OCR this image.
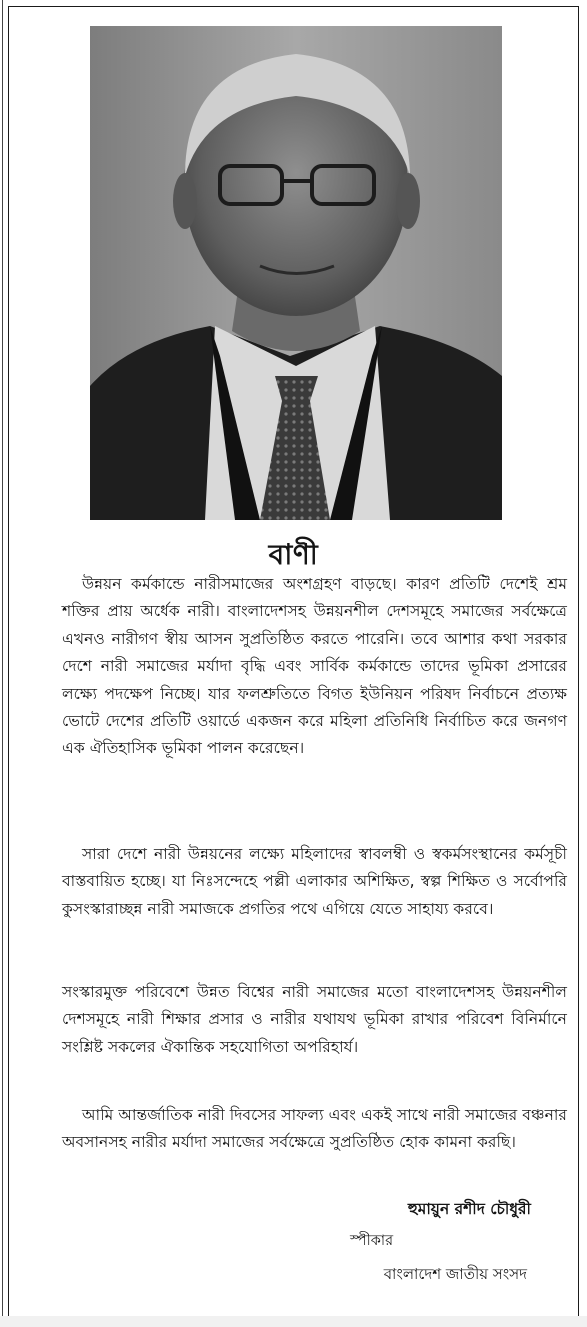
বাণী

উন্নয়ন কর্মকান্ডে নারীসমাজের অংশগ্রহণ বাড়ছে। কারণ প্রতিটি দেশেই শ্রম শক্তির প্রায় অর্ধেক নারী। বাংলাদেশসহ উন্নয়নশীল দেশসমূহে সমাজের সর্বক্ষেত্রে এখনও নারীগণ স্বীয় আসন সুপ্রতিষ্ঠিত করতে পারেনি। তবে আশার কথা সরকার দেশে নারী সমাজের মর্যাদা বৃদ্ধি এবং সার্বিক কর্মকান্ডে তাদের ভূমিকা প্রসারের লক্ষ্যে পদক্ষেপ নিচ্ছে। যার ফলশ্রুতিতে বিগত ইউনিয়ন পরিষদ নির্বাচনে প্রত্যক্ষ ভোটে দেশের প্রতিটি ওয়ার্ডে একজন করে মহিলা প্রতিনিধি নির্বাচিত করে জনগণ এক ঐতিহাসিক ভূমিকা পালন করেছেন।

সারা দেশে নারী উন্নয়নের লক্ষ্যে মহিলাদের স্বাবলম্বী ও স্বকর্মসংস্থানের কর্মসূচী বাস্তবায়িত হচ্ছে। যা নিঃসন্দেহে পল্লী এলাকার অশিক্ষিত, স্বল্প শিক্ষিত ও সর্বোপরি কুসংস্কারাচ্ছন্ন নারী সমাজকে প্রগতির পথে এগিয়ে যেতে সাহায্য করবে।

সংস্কারমুক্ত পরিবেশে উন্নত বিশ্বের নারী সমাজের মতো বাংলাদেশসহ উন্নয়নশীল দেশসমূহে নারী শিক্ষার প্রসার ও নারীর যথাযথ ভূমিকা রাখার পরিবেশ বিনির্মানে সংশ্লিষ্ট সকলের ঐকান্তিক সহযোগিতা অপরিহার্য।

আমি আন্তর্জাতিক নারী দিবসের সাফল্য এবং একই সাথে নারী সমাজের বঞ্চনার অবসানসহ নারীর মর্যাদা সমাজের সর্বক্ষেত্রে সুপ্রতিষ্ঠিত হোক কামনা করছি।

হুমায়ুন রশীদ চৌধুরী
স্পীকার
বাংলাদেশ জাতীয় সংসদ
